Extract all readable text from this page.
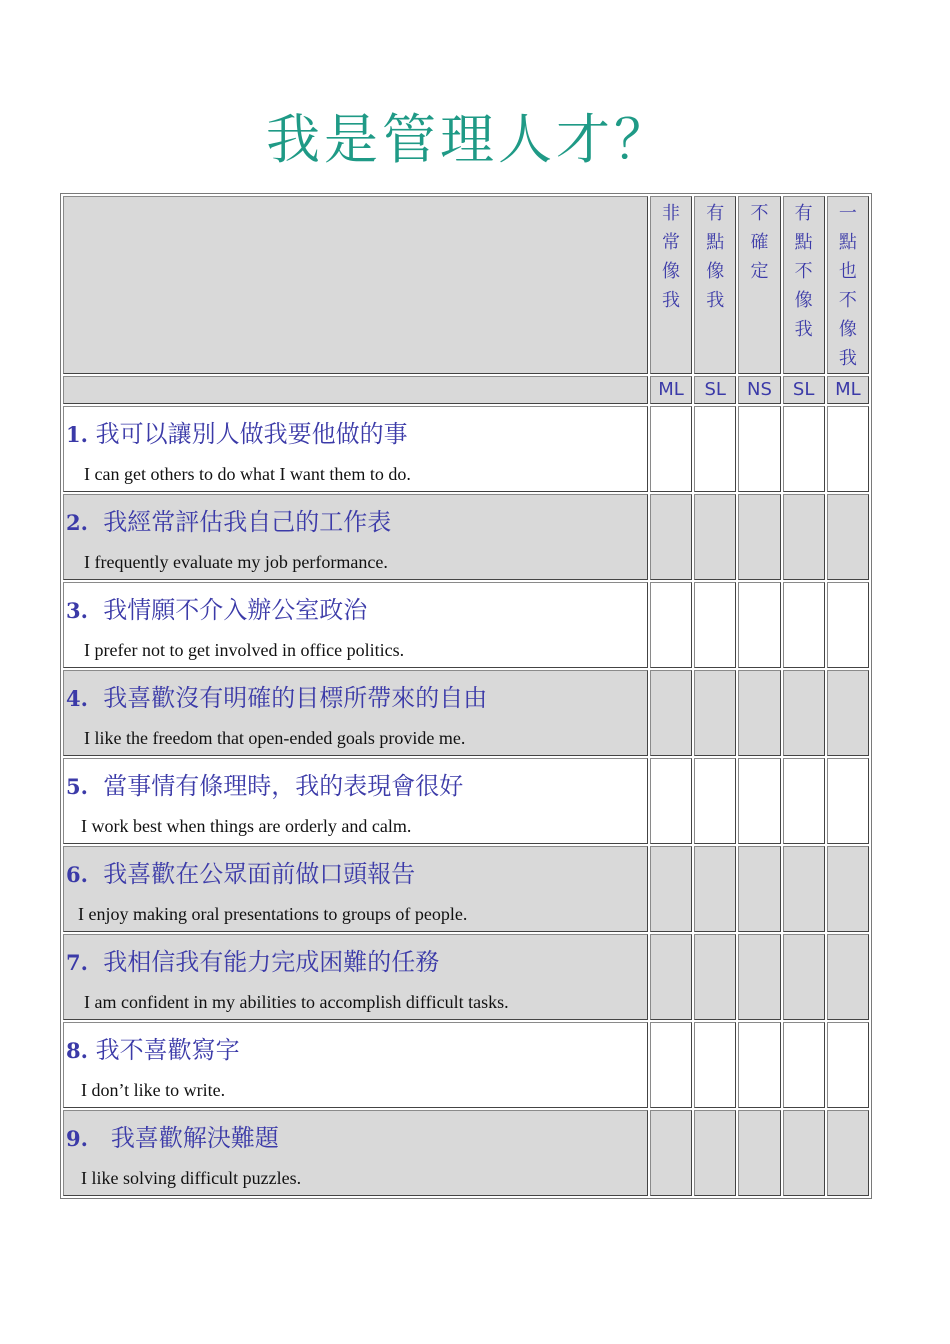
我是管理人才？

	非常像我	有點像我	不確定	有點不像我	一點也不像我

	ML	SL	NS	SL	ML

1. 我可以讓別人做我要他做的事
I can get others to do what I want them to do.					

2. 我經常評估我自己的工作表
I frequently evaluate my job performance.					

3. 我情願不介入辦公室政治
I prefer not to get involved in office politics.					

4. 我喜歡沒有明確的目標所帶來的自由
I like the freedom that open-ended goals provide me.					

5. 當事情有條理時，我的表現會很好
I work best when things are orderly and calm.					

6. 我喜歡在公眾面前做口頭報告
I enjoy making oral presentations to groups of people.					

7. 我相信我有能力完成困難的任務
I am confident in my abilities to accomplish difficult tasks.					

8. 我不喜歡寫字
I don’t like to write.					

9. 我喜歡解決難題
I like solving difficult puzzles.					
